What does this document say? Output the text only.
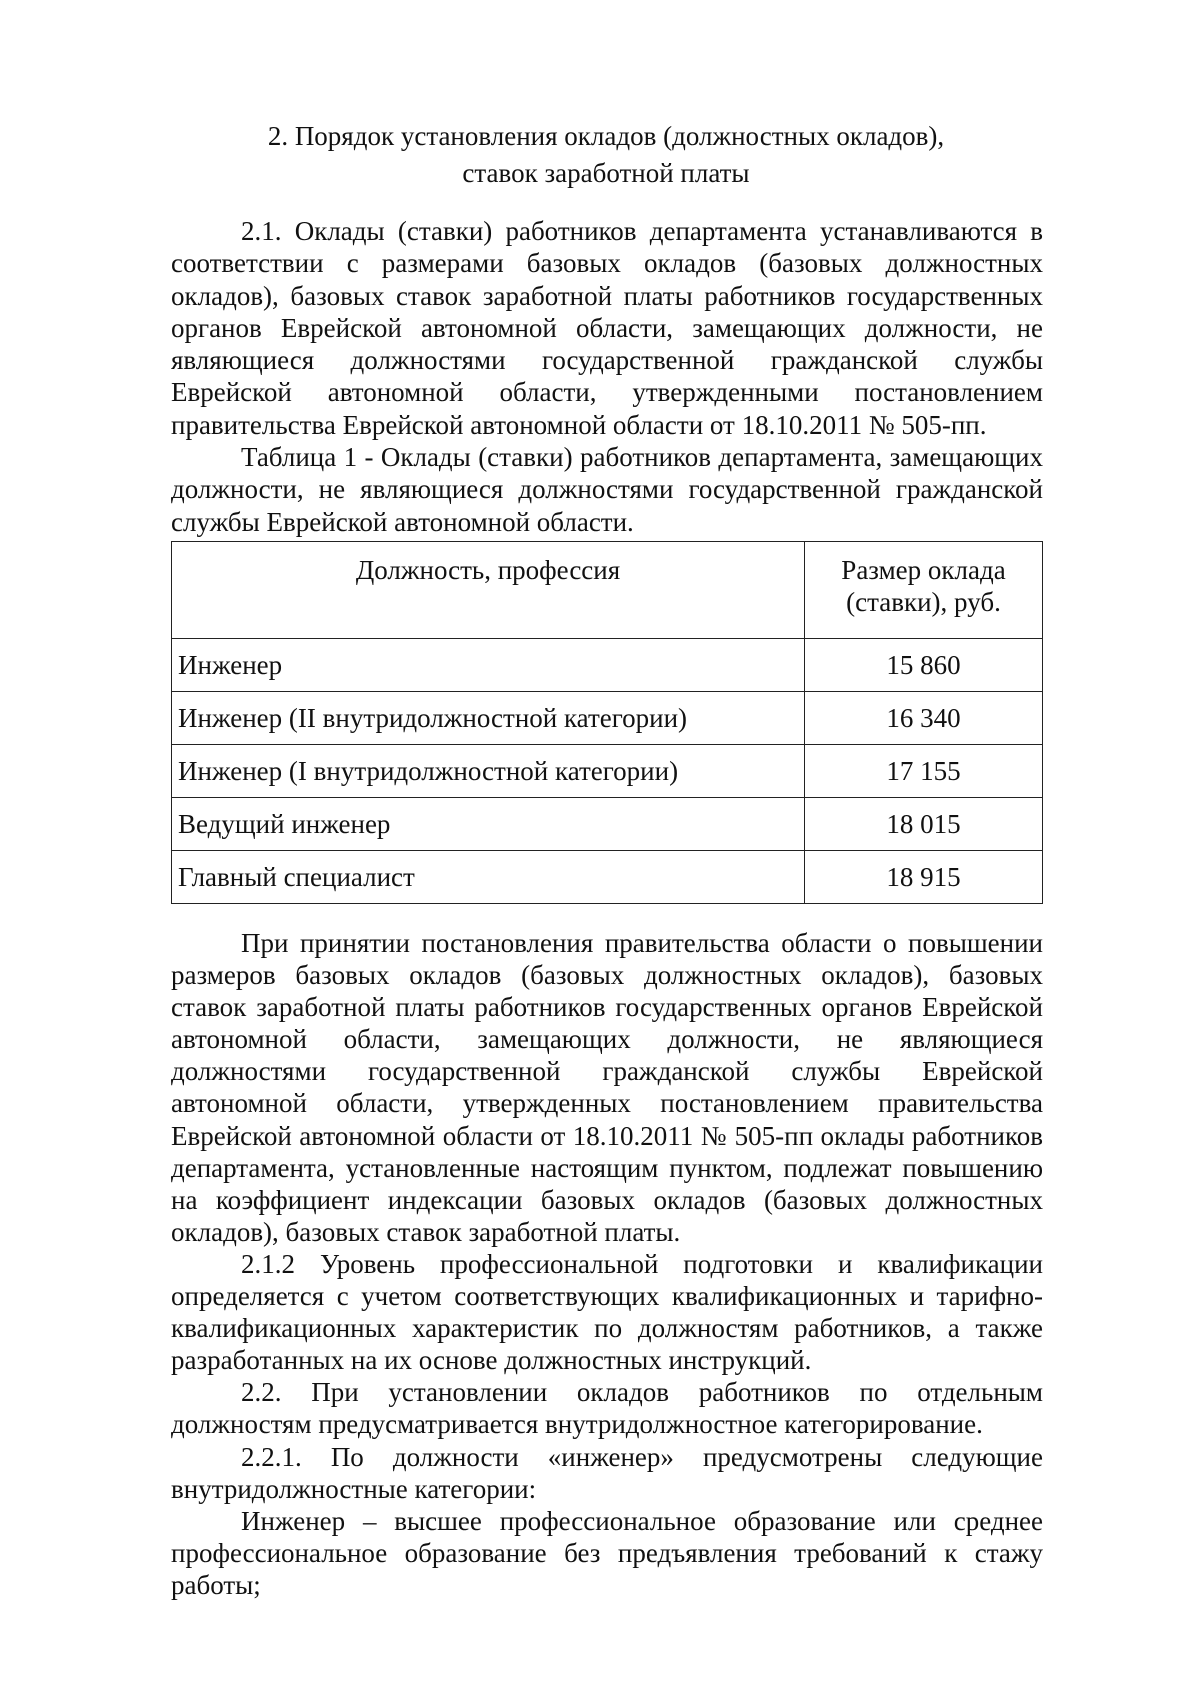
2. Порядок установления окладов (должностных окладов),
ставок заработной платы

2.1. Оклады (ставки) работников департамента устанавливаются в соответствии с размерами базовых окладов (базовых должностных окладов), базовых ставок заработной платы работников государственных органов Еврейской автономной области, замещающих должности, не являющиеся должностями государственной гражданской службы Еврейской автономной области, утвержденными постановлением правительства Еврейской автономной области от 18.10.2011 № 505-пп.

Таблица 1 - Оклады (ставки) работников департамента, замещающих должности, не являющиеся должностями государственной гражданской службы Еврейской автономной области.

Должность, профессия	Размер оклада (ставки), руб.
Инженер	15 860
Инженер (II внутридолжностной категории)	16 340
Инженер (I внутридолжностной категории)	17 155
Ведущий инженер	18 015
Главный специалист	18 915

При принятии постановления правительства области о повышении размеров базовых окладов (базовых должностных окладов), базовых ставок заработной платы работников государственных органов Еврейской автономной области, замещающих должности, не являющиеся должностями государственной гражданской службы Еврейской автономной области, утвержденных постановлением правительства Еврейской автономной области от 18.10.2011 № 505-пп оклады работников департамента, установленные настоящим пунктом, подлежат повышению на коэффициент индексации базовых окладов (базовых должностных окладов), базовых ставок заработной платы.

2.1.2 Уровень профессиональной подготовки и квалификации определяется с учетом соответствующих квалификационных и тарифно-квалификационных характеристик по должностям работников, а также разработанных на их основе должностных инструкций.

2.2. При установлении окладов работников по отдельным должностям предусматривается внутридолжностное категорирование.

2.2.1. По должности «инженер» предусмотрены следующие внутридолжностные категории:

Инженер – высшее профессиональное образование или среднее профессиональное образование без предъявления требований к стажу работы;
